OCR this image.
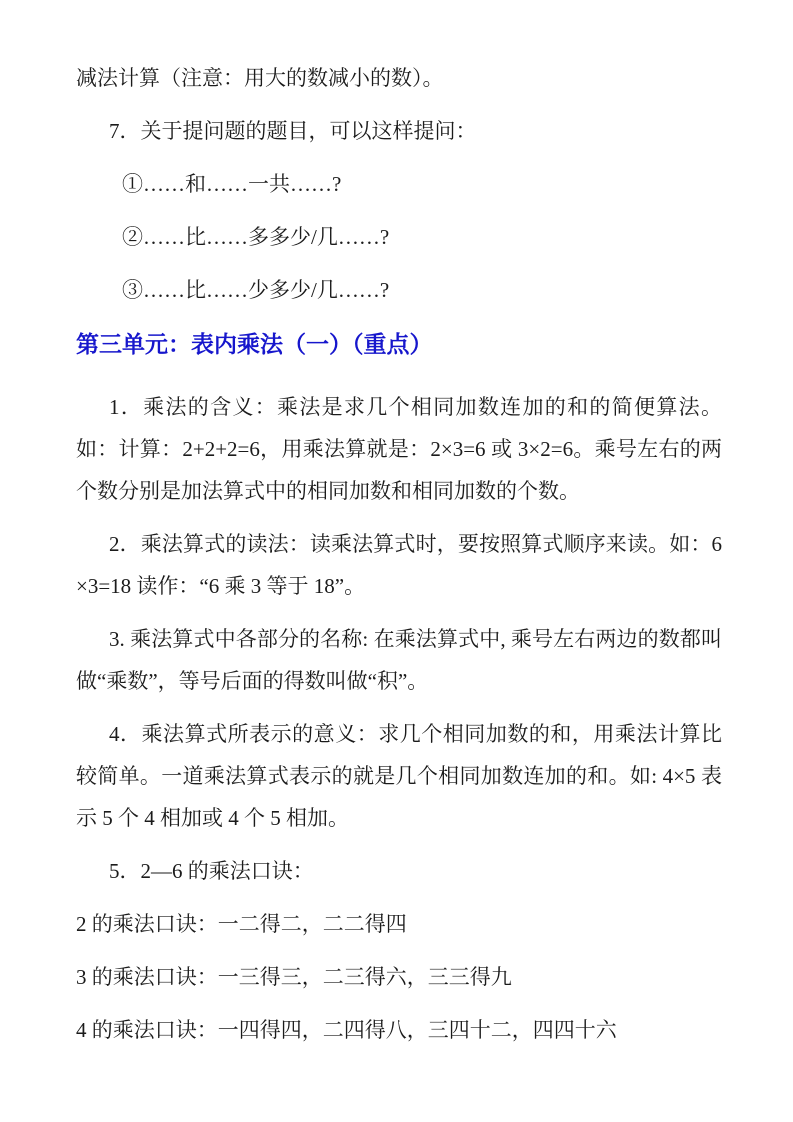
减法计算（注意：用大的数减小的数）。

7．关于提问题的题目，可以这样提问：

①……和……一共……?

②……比……多多少/几……?

③……比……少多少/几……?

第三单元：表内乘法（一）（重点）

1．乘法的含义：乘法是求几个相同加数连加的和的简便算法。如：计算：2+2+2=6，用乘法算就是：2×3=6 或 3×2=6。乘号左右的两个数分别是加法算式中的相同加数和相同加数的个数。

2．乘法算式的读法：读乘法算式时，要按照算式顺序来读。如：6×3=18 读作：“6 乘 3 等于 18”。

3. 乘法算式中各部分的名称: 在乘法算式中, 乘号左右两边的数都叫做“乘数”，等号后面的得数叫做“积”。

4．乘法算式所表示的意义：求几个相同加数的和，用乘法计算比较简单。一道乘法算式表示的就是几个相同加数连加的和。如: 4×5 表示 5 个 4 相加或 4 个 5 相加。

5．2—6 的乘法口诀：

2 的乘法口诀：一二得二，二二得四

3 的乘法口诀：一三得三，二三得六，三三得九

4 的乘法口诀：一四得四，二四得八，三四十二，四四十六
